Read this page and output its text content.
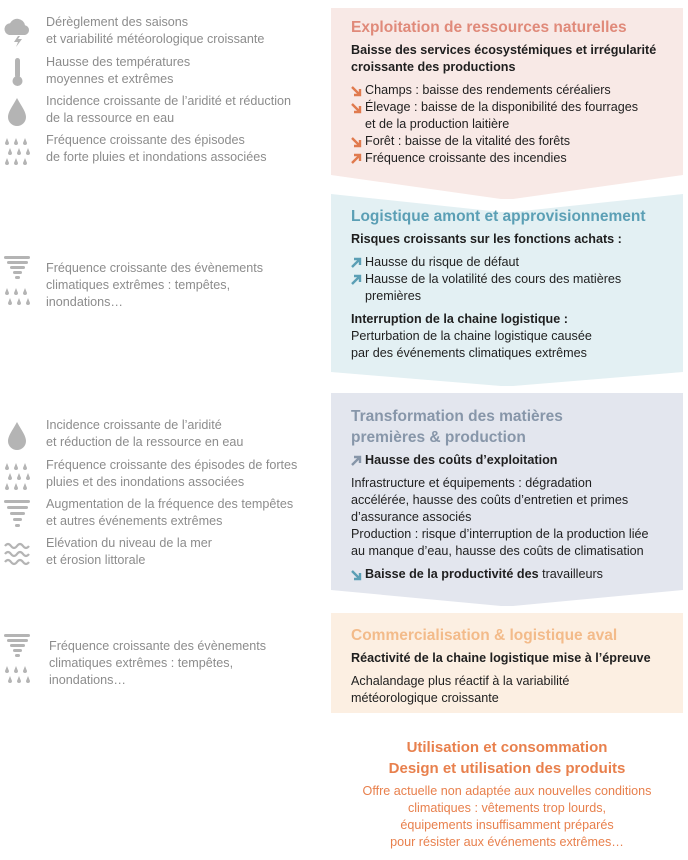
Dérèglement des saisons
et variabilité météorologique croissante
Hausse des températures
moyennes et extrêmes
Incidence croissante de l’aridité et réduction
de la ressource en eau
Fréquence croissante des épisodes
de forte pluies et inondations associées
Fréquence croissante des évènements
climatiques extrêmes : tempêtes,
inondations…
Incidence croissante de l’aridité
et réduction de la ressource en eau
Fréquence croissante des épisodes de fortes
pluies et des inondations associées
Augmentation de la fréquence des tempêtes
et autres événements extrêmes
Elévation du niveau de la mer
et érosion littorale
Fréquence croissante des évènements
climatiques extrêmes : tempêtes,
inondations…
Exploitation de ressources naturelles
Baisse des services écosystémiques et irrégularité
croissante des productions
Champs : baisse des rendements céréaliers
Élevage : baisse de la disponibilité des fourrages
et de la production laitière
Forêt : baisse de la vitalité des forêts
Fréquence croissante des incendies
Logistique amont et approvisionnement
Risques croissants sur les fonctions achats :
Hausse du risque de défaut
Hausse de la volatilité des cours des matières
premières
Interruption de la chaine logistique :
Perturbation de la chaine logistique causée
par des événements climatiques extrêmes
Transformation des matières
premières & production
Hausse des coûts d’exploitation
Infrastructure et équipements : dégradation
accélérée, hausse des coûts d’entretien et primes
d’assurance associés
Production : risque d’interruption de la production liée
au manque d’eau, hausse des coûts de climatisation
Baisse de la productivité des travailleurs
Commercialisation & logistique aval
Réactivité de la chaine logistique mise à l’épreuve
Achalandage plus réactif à la variabilité
météorologique croissante
Utilisation et consommation
Design et utilisation des produits
Offre actuelle non adaptée aux nouvelles conditions
climatiques : vêtements trop lourds,
équipements insuffisamment préparés
pour résister aux événements extrêmes…
